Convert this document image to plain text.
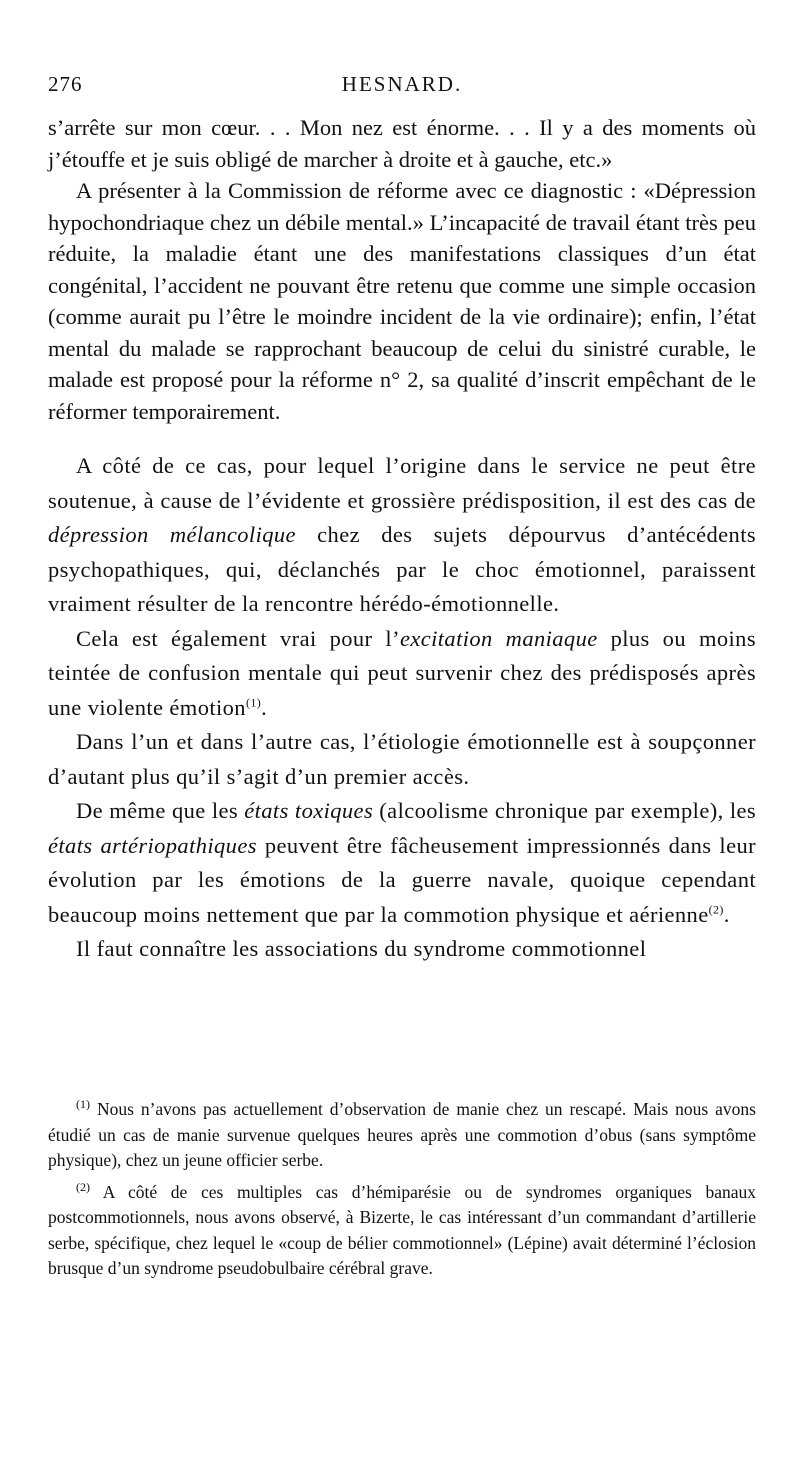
276	HESNARD.

s’arrête sur mon cœur. . . Mon nez est énorme. . . Il y a des moments où j’étouffe et je suis obligé de marcher à droite et à gauche, etc.»

A présenter à la Commission de réforme avec ce diagnostic : «Dépression hypochondriaque chez un débile mental.» L’incapacité de travail étant très peu réduite, la maladie étant une des manifestations classiques d’un état congénital, l’accident ne pouvant être retenu que comme une simple occasion (comme aurait pu l’être le moindre incident de la vie ordinaire); enfin, l’état mental du malade se rapprochant beaucoup de celui du sinistré curable, le malade est proposé pour la réforme n° 2, sa qualité d’inscrit empêchant de le réformer temporairement.

A côté de ce cas, pour lequel l’origine dans le service ne peut être soutenue, à cause de l’évidente et grossière prédisposition, il est des cas de dépression mélancolique chez des sujets dépourvus d’antécédents psychopathiques, qui, déclanchés par le choc émotionnel, paraissent vraiment résulter de la rencontre hérédo-émotionnelle.

Cela est également vrai pour l’excitation maniaque plus ou moins teintée de confusion mentale qui peut survenir chez des prédisposés après une violente émotion$^{(1)}$.

Dans l’un et dans l’autre cas, l’étiologie émotionnelle est à soupçonner d’autant plus qu’il s’agit d’un premier accès.

De même que les états toxiques (alcoolisme chronique par exemple), les états artériopathiques peuvent être fâcheusement impressionnés dans leur évolution par les émotions de la guerre navale, quoique cependant beaucoup moins nettement que par la commotion physique et aérienne$^{(2)}$.

Il faut connaître les associations du syndrome commotionnel

$^{(1)}$ Nous n’avons pas actuellement d’observation de manie chez un rescapé. Mais nous avons étudié un cas de manie survenue quelques heures après une commotion d’obus (sans symptôme physique), chez un jeune officier serbe.

$^{(2)}$ A côté de ces multiples cas d’hémiparésie ou de syndromes organiques banaux postcommotionnels, nous avons observé, à Bizerte, le cas intéressant d’un commandant d’artillerie serbe, spécifique, chez lequel le «coup de bélier commotionnel» (Lépine) avait déterminé l’éclosion brusque d’un syndrome pseudobulbaire cérébral grave.
